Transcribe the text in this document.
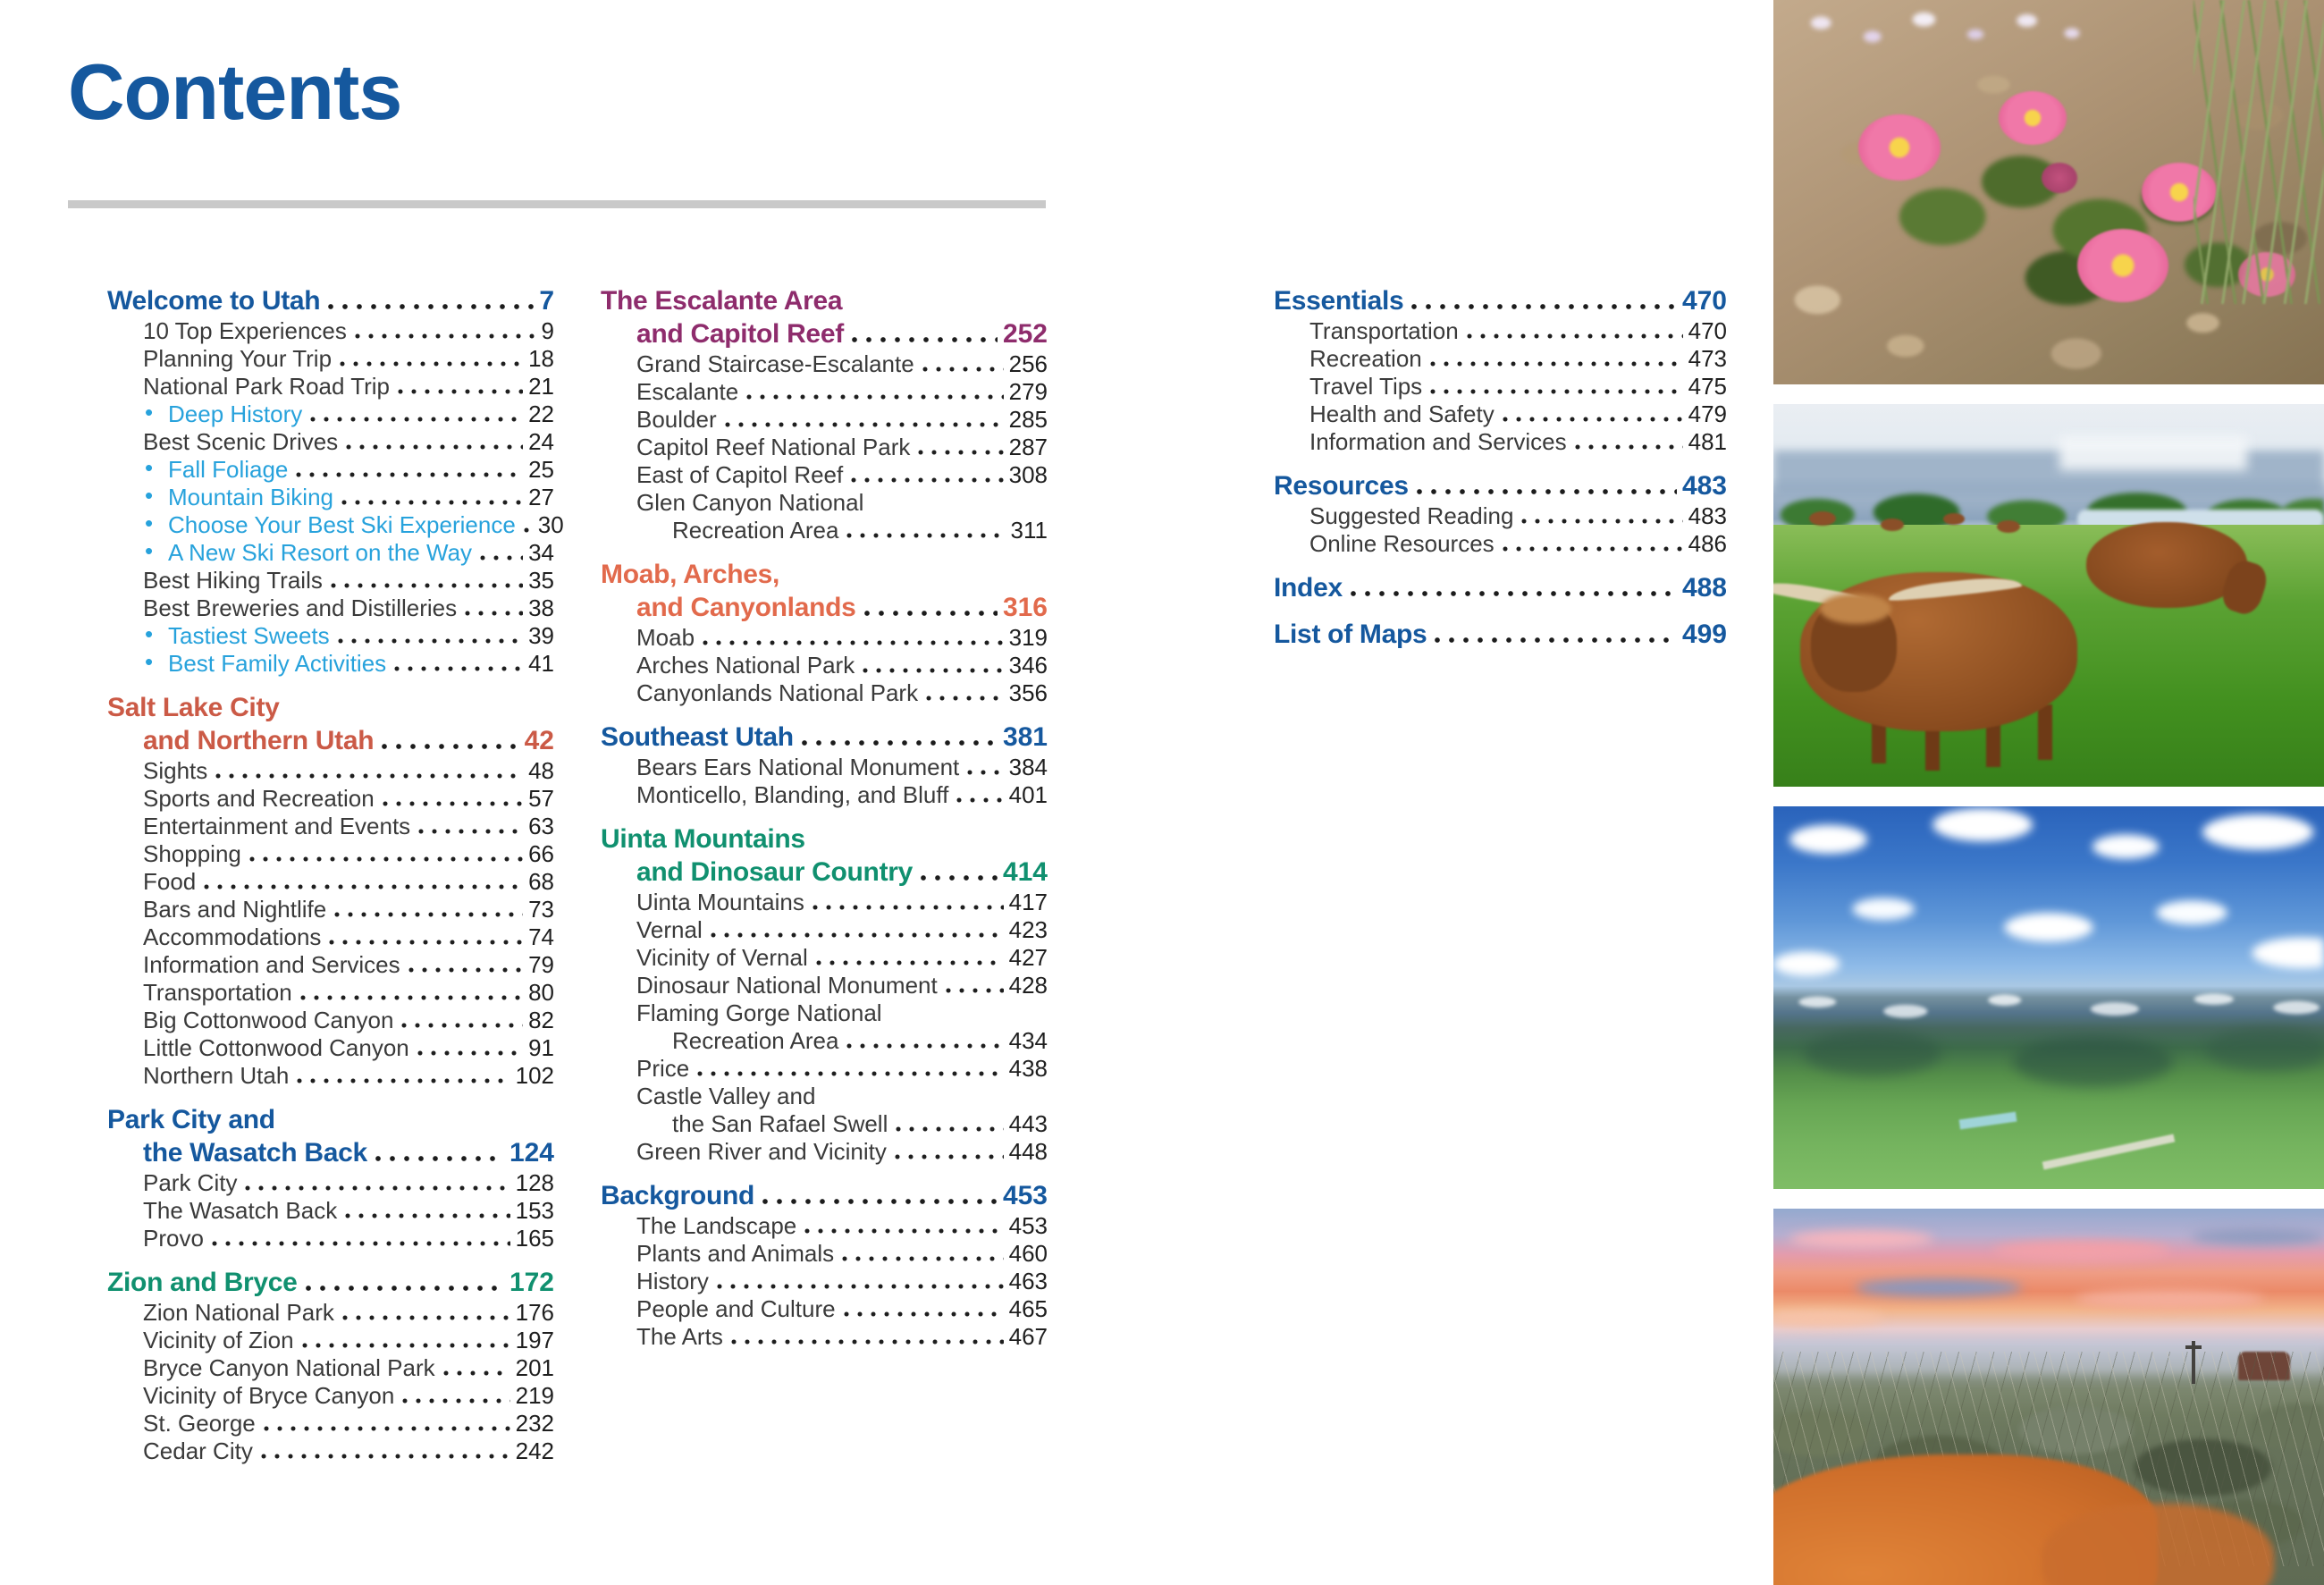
Contents
Welcome to Utah	7
10 Top Experiences	9
Planning Your Trip	18
National Park Road Trip	21
• Deep History	22
Best Scenic Drives	24
• Fall Foliage	25
• Mountain Biking	27
• Choose Your Best Ski Experience 30
• A New Ski Resort on the Way 34
Best Hiking Trails	35
Best Breweries and Distilleries	38
• Tastiest Sweets	39
• Best Family Activities	41
Salt Lake City
and Northern Utah	42
Sights	48
Sports and Recreation	57
Entertainment and Events	63
Shopping	66
Food	68
Bars and Nightlife	73
Accommodations	74
Information and Services	79
Transportation	80
Big Cottonwood Canyon	82
Little Cottonwood Canyon	91
Northern Utah	102
Park City and
the Wasatch Back	124
Park City	128
The Wasatch Back	153
Provo	165
Zion and Bryce	172
Zion National Park	176
Vicinity of Zion	197
Bryce Canyon National Park	201
Vicinity of Bryce Canyon	219
St. George	232
Cedar City	242
The Escalante Area
and Capitol Reef	252
Grand Staircase-Escalante	256
Escalante	279
Boulder	285
Capitol Reef National Park	287
East of Capitol Reef	308
Glen Canyon National
Recreation Area	311
Moab, Arches,
and Canyonlands	316
Moab	319
Arches National Park	346
Canyonlands National Park	356
Southeast Utah	381
Bears Ears National Monument 384
Monticello, Blanding, and Bluff	401
Uinta Mountains
and Dinosaur Country	414
Uinta Mountains	417
Vernal	423
Vicinity of Vernal	427
Dinosaur National Monument	428
Flaming Gorge National
Recreation Area	434
Price	438
Castle Valley and
the San Rafael Swell	443
Green River and Vicinity	448
Background	453
The Landscape	453
Plants and Animals	460
History	463
People and Culture	465
The Arts	467
Essentials	470
Transportation	470
Recreation	473
Travel Tips	475
Health and Safety	479
Information and Services	481
Resources	483
Suggested Reading	483
Online Resources	486
Index	488
List of Maps	499
